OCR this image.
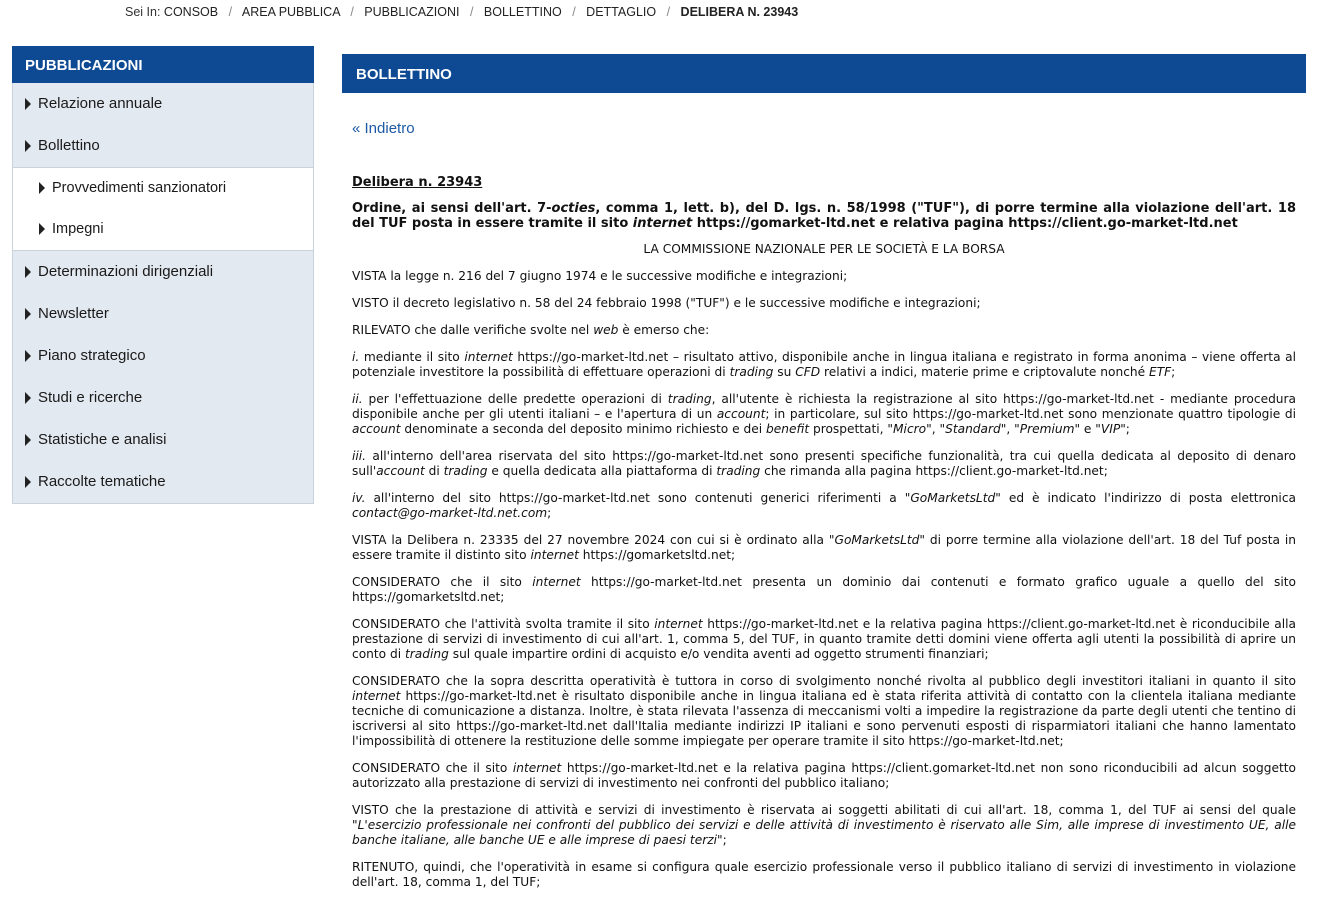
Sei In: CONSOB / AREA PUBBLICA / PUBBLICAZIONI / BOLLETTINO / DETTAGLIO / DELIBERA N. 23943
PUBBLICAZIONI
Relazione annuale
Bollettino
Provvedimenti sanzionatori
Impegni
Determinazioni dirigenziali
Newsletter
Piano strategico
Studi e ricerche
Statistiche e analisi
Raccolte tematiche
BOLLETTINO
« Indietro

Delibera n. 23943

Ordine, ai sensi dell'art. 7-octies, comma 1, lett. b), del D. lgs. n. 58/1998 ("TUF"), di porre termine alla violazione dell'art. 18 del TUF posta in essere tramite il sito internet https://gomarket-ltd.net e relativa pagina https://client.go-market-ltd.net

LA COMMISSIONE NAZIONALE PER LE SOCIETÀ E LA BORSA

VISTA la legge n. 216 del 7 giugno 1974 e le successive modifiche e integrazioni;

VISTO il decreto legislativo n. 58 del 24 febbraio 1998 ("TUF") e le successive modifiche e integrazioni;

RILEVATO che dalle verifiche svolte nel web è emerso che:

i. mediante il sito internet https://go-market-ltd.net – risultato attivo, disponibile anche in lingua italiana e registrato in forma anonima – viene offerta al potenziale investitore la possibilità di effettuare operazioni di trading su CFD relativi a indici, materie prime e criptovalute nonché ETF;

ii. per l'effettuazione delle predette operazioni di trading, all'utente è richiesta la registrazione al sito https://go-market-ltd.net - mediante procedura disponibile anche per gli utenti italiani – e l'apertura di un account; in particolare, sul sito https://go-market-ltd.net sono menzionate quattro tipologie di account denominate a seconda del deposito minimo richiesto e dei benefit prospettati, "Micro", "Standard", "Premium" e "VIP";

iii. all'interno dell'area riservata del sito https://go-market-ltd.net sono presenti specifiche funzionalità, tra cui quella dedicata al deposito di denaro sull'account di trading e quella dedicata alla piattaforma di trading che rimanda alla pagina https://client.go-market-ltd.net;

iv. all'interno del sito https://go-market-ltd.net sono contenuti generici riferimenti a "GoMarketsLtd" ed è indicato l'indirizzo di posta elettronica contact@go-market-ltd.net.com;

VISTA la Delibera n. 23335 del 27 novembre 2024 con cui si è ordinato alla "GoMarketsLtd" di porre termine alla violazione dell'art. 18 del Tuf posta in essere tramite il distinto sito internet https://gomarketsltd.net;

CONSIDERATO che il sito internet https://go-market-ltd.net presenta un dominio dai contenuti e formato grafico uguale a quello del sito https://gomarketsltd.net;

CONSIDERATO che l'attività svolta tramite il sito internet https://go-market-ltd.net e la relativa pagina https://client.go-market-ltd.net è riconducibile alla prestazione di servizi di investimento di cui all'art. 1, comma 5, del TUF, in quanto tramite detti domini viene offerta agli utenti la possibilità di aprire un conto di trading sul quale impartire ordini di acquisto e/o vendita aventi ad oggetto strumenti finanziari;

CONSIDERATO che la sopra descritta operatività è tuttora in corso di svolgimento nonché rivolta al pubblico degli investitori italiani in quanto il sito internet https://go-market-ltd.net è risultato disponibile anche in lingua italiana ed è stata riferita attività di contatto con la clientela italiana mediante tecniche di comunicazione a distanza. Inoltre, è stata rilevata l'assenza di meccanismi volti a impedire la registrazione da parte degli utenti che tentino di iscriversi al sito https://go-market-ltd.net dall'Italia mediante indirizzi IP italiani e sono pervenuti esposti di risparmiatori italiani che hanno lamentato l'impossibilità di ottenere la restituzione delle somme impiegate per operare tramite il sito https://go-market-ltd.net;

CONSIDERATO che il sito internet https://go-market-ltd.net e la relativa pagina https://client.gomarket-ltd.net non sono riconducibili ad alcun soggetto autorizzato alla prestazione di servizi di investimento nei confronti del pubblico italiano;

VISTO che la prestazione di attività e servizi di investimento è riservata ai soggetti abilitati di cui all'art. 18, comma 1, del TUF ai sensi del quale "L'esercizio professionale nei confronti del pubblico dei servizi e delle attività di investimento è riservato alle Sim, alle imprese di investimento UE, alle banche italiane, alle banche UE e alle imprese di paesi terzi";

RITENUTO, quindi, che l'operatività in esame si configura quale esercizio professionale verso il pubblico italiano di servizi di investimento in violazione dell'art. 18, comma 1, del TUF;
